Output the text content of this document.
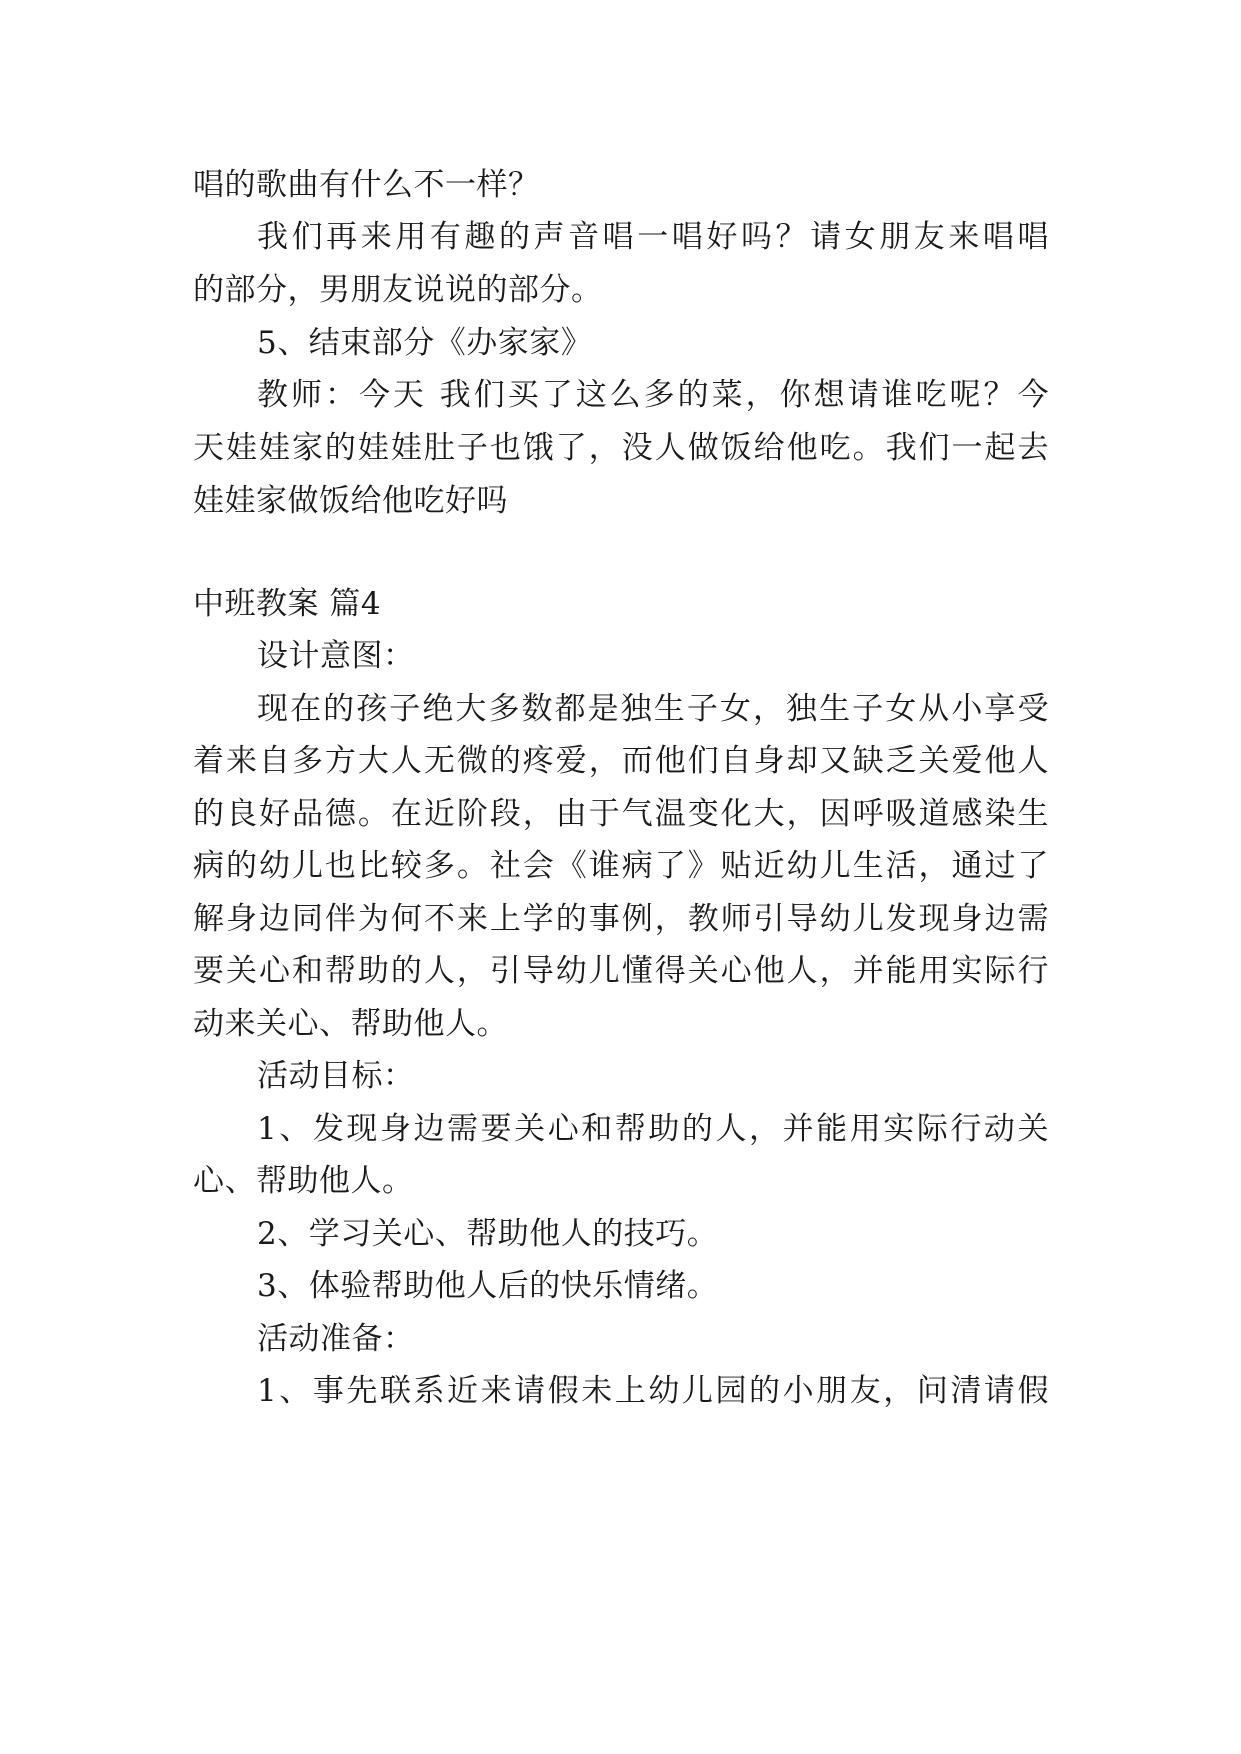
唱的歌曲有什么不一样？
我们再来用有趣的声音唱一唱好吗？请女朋友来唱唱
的部分，男朋友说说的部分。
5、结束部分《办家家》
教师：今天 我们买了这么多的菜，你想请谁吃呢？今
天娃娃家的娃娃肚子也饿了，没人做饭给他吃。我们一起去
娃娃家做饭给他吃好吗
中班教案 篇4
设计意图：
现在的孩子绝大多数都是独生子女，独生子女从小享受
着来自多方大人无微的疼爱，而他们自身却又缺乏关爱他人
的良好品德。在近阶段，由于气温变化大，因呼吸道感染生
病的幼儿也比较多。社会《谁病了》贴近幼儿生活，通过了
解身边同伴为何不来上学的事例，教师引导幼儿发现身边需
要关心和帮助的人，引导幼儿懂得关心他人，并能用实际行
动来关心、帮助他人。
活动目标：
1、发现身边需要关心和帮助的人，并能用实际行动关
心、帮助他人。
2、学习关心、帮助他人的技巧。
3、体验帮助他人后的快乐情绪。
活动准备：
1、事先联系近来请假未上幼儿园的小朋友，问清请假
